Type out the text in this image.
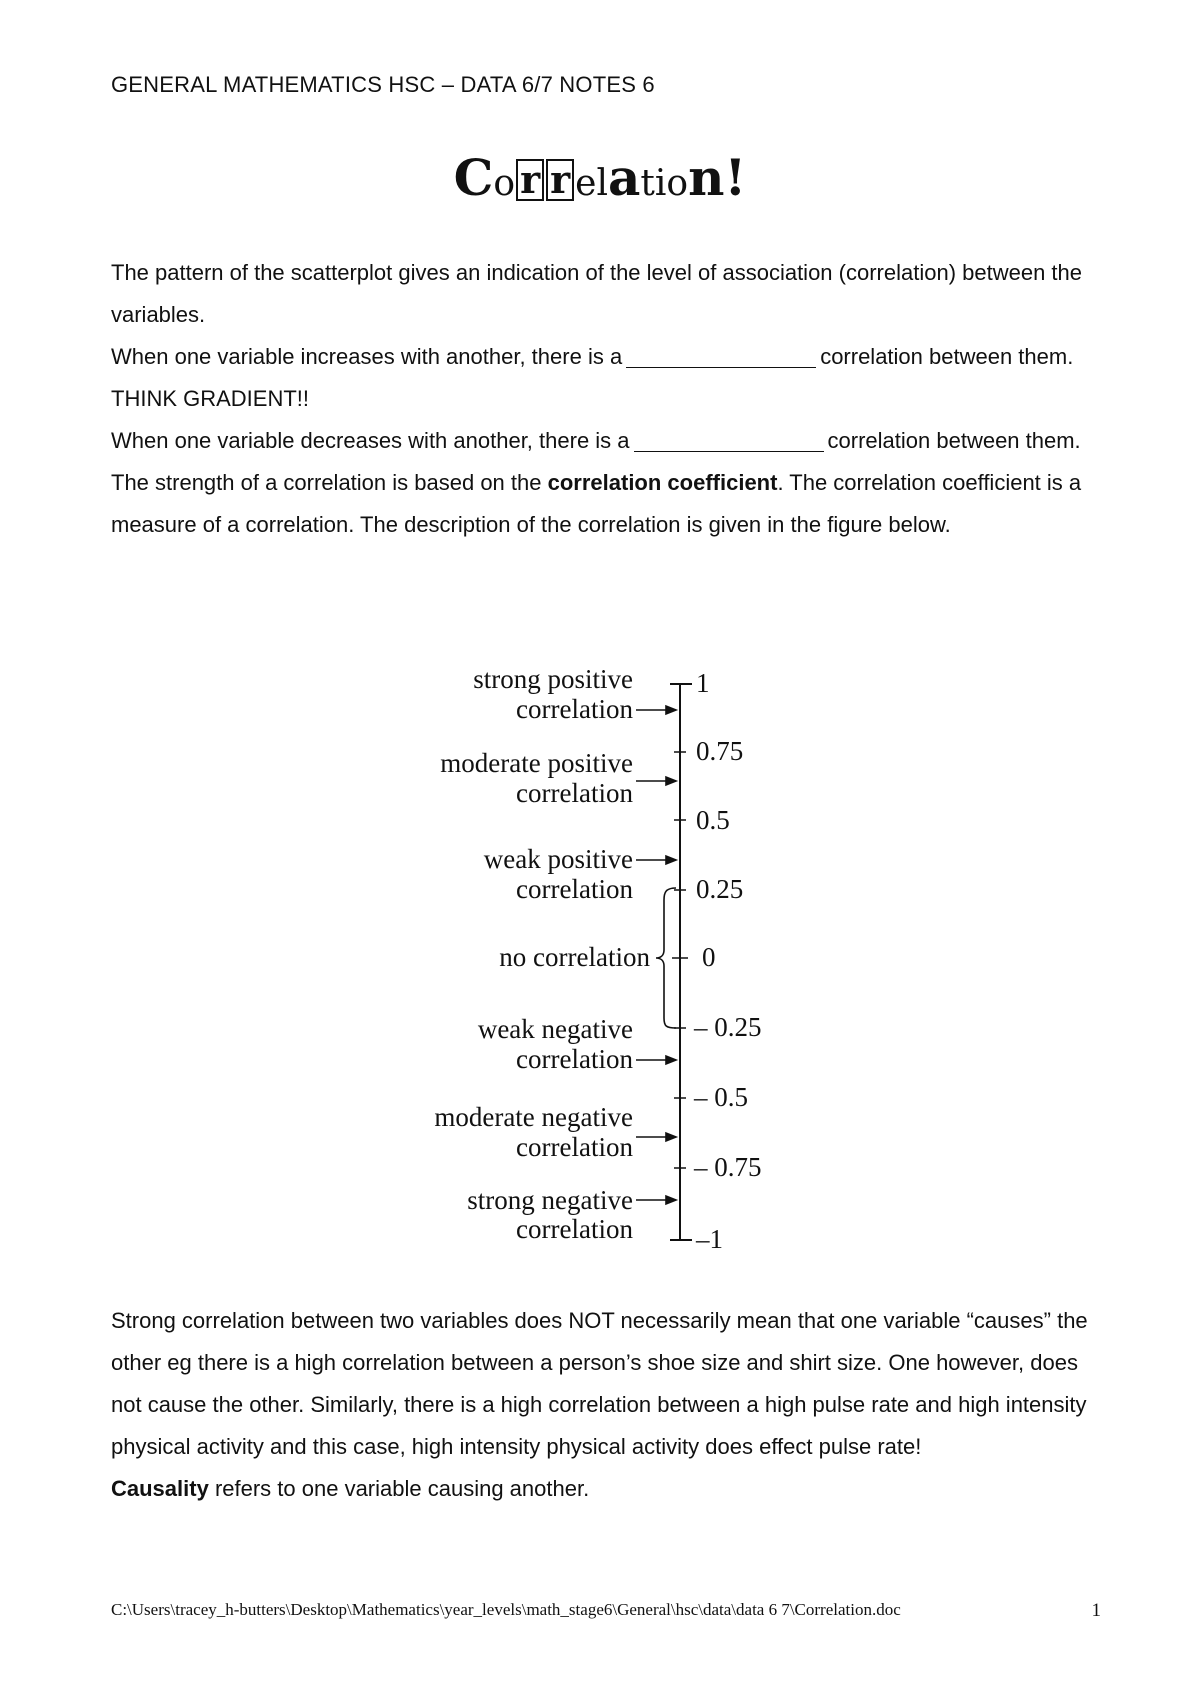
GENERAL MATHEMATICS HSC – DATA 6/7 NOTES 6
Co r r elation!

The pattern of the scatterplot gives an indication of the level of association (correlation) between the variables.

When one variable increases with another, there is a	correlation between them. THINK GRADIENT!!

When one variable decreases with another, there is a	correlation between them.

The strength of a correlation is based on the correlation coefficient. The correlation coefficient is a measure of a correlation. The description of the correlation is given in the figure below.

1
0.75
0.5
0.25
0
– 0.25
– 0.5
– 0.75
–1
strong positive
correlation
moderate positive
correlation
weak positive
correlation
no correlation
weak negative
correlation
moderate negative
correlation
strong negative
correlation

Strong correlation between two variables does NOT necessarily mean that one variable “causes” the other eg there is a high correlation between a person’s shoe size and shirt size. One however, does not cause the other. Similarly, there is a high correlation between a high pulse rate and high intensity physical activity and this case, high intensity physical activity does effect pulse rate!

Causality refers to one variable causing another.

C:\Users\tracey_h-butters\Desktop\Mathematics\year_levels\math_stage6\General\hsc\data\data 6 7\Correlation.doc	1
